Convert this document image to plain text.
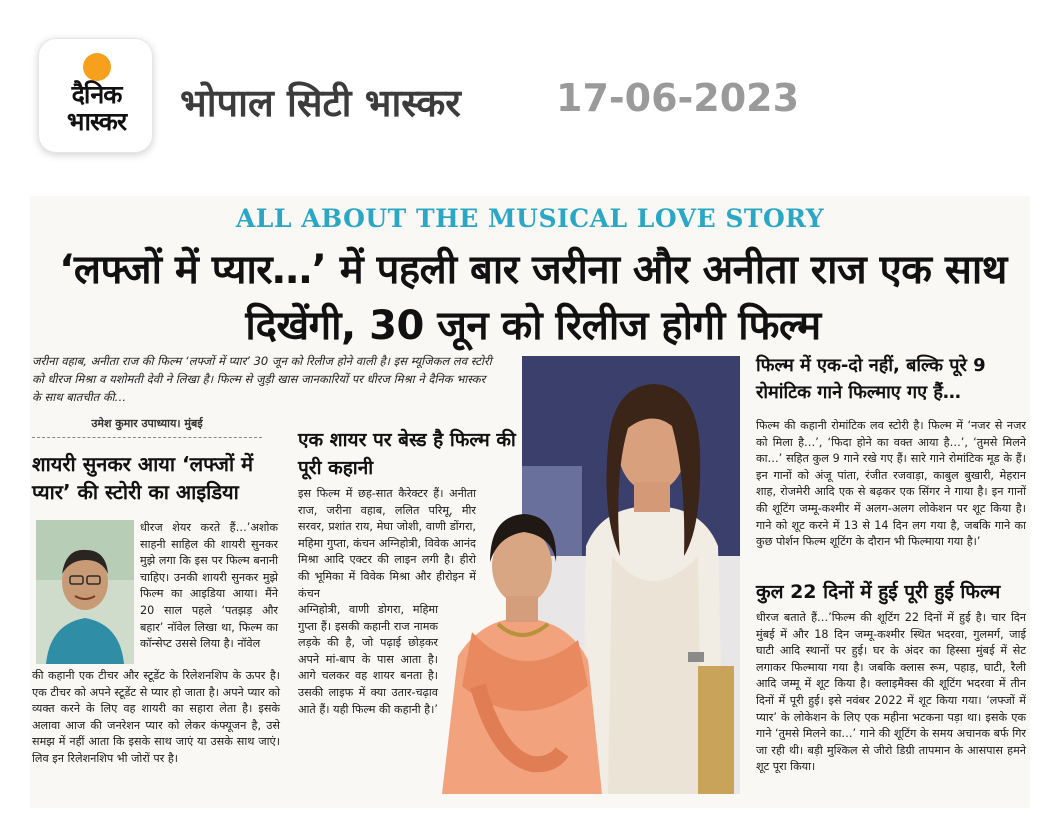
दैनिक
भास्कर	भोपाल सिटी भास्कर	17-06-2023
ALL ABOUT THE MUSICAL LOVE STORY
‘लफ्जों में प्यार…’ में पहली बार जरीना और अनीता राज एक साथ दिखेंगी, 30 जून को रिलीज होगी फिल्म
जरीना वहाब, अनीता राज की फिल्म ‘लफ्जों में प्यार’ 30 जून को रिलीज होने वाली है। इस म्यूजिकल लव स्टोरी को धीरज मिश्रा व यशोमती देवी ने लिखा है। फिल्म से जुड़ी खास जानकारियों पर धीरज मिश्रा ने दैनिक भास्कर के साथ बातचीत की…
उमेश कुमार उपाध्याय। मुंबई
शायरी सुनकर आया ‘लफ्जों में प्यार’ की स्टोरी का आइडिया
धीरज शेयर करते हैं…’अशोक साहनी साहिल की शायरी सुनकर मुझे लगा कि इस पर फिल्म बनानी चाहिए। उनकी शायरी सुनकर मुझे फिल्म का आइडिया आया। मैंने 20 साल पहले ‘पतझड़ और बहार’ नॉवेल लिखा था, फिल्म का कॉन्सेप्ट उससे लिया है। नॉवेल
की कहानी एक टीचर और स्टूडेंट के रिलेशनशिप के ऊपर है। एक टीचर को अपने स्टूडेंट से प्यार हो जाता है। अपने प्यार को व्यक्त करने के लिए वह शायरी का सहारा लेता है। इसके अलावा आज की जनरेशन प्यार को लेकर कंफ्यूजन है, उसे समझ में नहीं आता कि इसके साथ जाएं या उसके साथ जाएं। लिव इन रिलेशनशिप भी जोरों पर है।
एक शायर पर बेस्ड है फिल्म की पूरी कहानी
इस फिल्म में छह-सात कैरेक्टर हैं। अनीता राज, जरीना वहाब, ललित परिमू, मीर सरवर, प्रशांत राय, मेघा जोशी, वाणी डोंगरा, महिमा गुप्ता, कंचन अग्निहोत्री, विवेक आनंद मिश्रा आदि एक्टर की लाइन लगी है। हीरो की भूमिका में विवेक मिश्रा और हीरोइन में कंचन
अग्निहोत्री, वाणी डोगरा, महिमा गुप्ता हैं। इसकी कहानी राज नामक लड़के की है, जो पढ़ाई छोड़कर अपने मां-बाप के पास आता है। आगे चलकर वह शायर बनता है। उसकी लाइफ में क्या उतार-चढ़ाव आते हैं। यही फिल्म की कहानी है।’
फिल्म में एक-दो नहीं, बल्कि पूरे 9 रोमांटिक गाने फिल्माए गए हैं…
फिल्म की कहानी रोमांटिक लव स्टोरी है। फिल्म में ‘नजर से नजर को मिला है…’, ‘फिदा होने का वक्त आया है…’, ‘तुमसे मिलने का…’ सहित कुल 9 गाने रखे गए हैं। सारे गाने रोमांटिक मूड के हैं। इन गानों को अंजू पांता, रंजीत रजवाड़ा, काबुल बुखारी, मेहरान शाह, रोजमेरी आदि एक से बढ़कर एक सिंगर ने गाया है। इन गानों की शूटिंग जम्मू-कश्मीर में अलग-अलग लोकेशन पर शूट किया है। गाने को शूट करने में 13 से 14 दिन लग गया है, जबकि गाने का कुछ पोर्शन फिल्म शूटिंग के दौरान भी फिल्माया गया है।’
कुल 22 दिनों में हुई पूरी हुई फिल्म
धीरज बताते हैं…’फिल्म की शूटिंग 22 दिनों में हुई है। चार दिन मुंबई में और 18 दिन जम्मू-कश्मीर स्थित भदरवा, गुलमर्ग, जाई घाटी आदि स्थानों पर हुई। घर के अंदर का हिस्सा मुंबई में सेट लगाकर फिल्माया गया है। जबकि क्लास रूम, पहाड़, घाटी, रैली आदि जम्मू में शूट किया है। क्लाइमैक्स की शूटिंग भदरवा में तीन दिनों में पूरी हुई। इसे नवंबर 2022 में शूट किया गया। ‘लफ्जों में प्यार’ के लोकेशन के लिए एक महीना भटकना पड़ा था। इसके एक गाने ‘तुमसे मिलने का…’ गाने की शूटिंग के समय अचानक बर्फ गिर जा रही थी। बड़ी मुश्किल से जीरो डिग्री तापमान के आसपास हमने शूट पूरा किया।
